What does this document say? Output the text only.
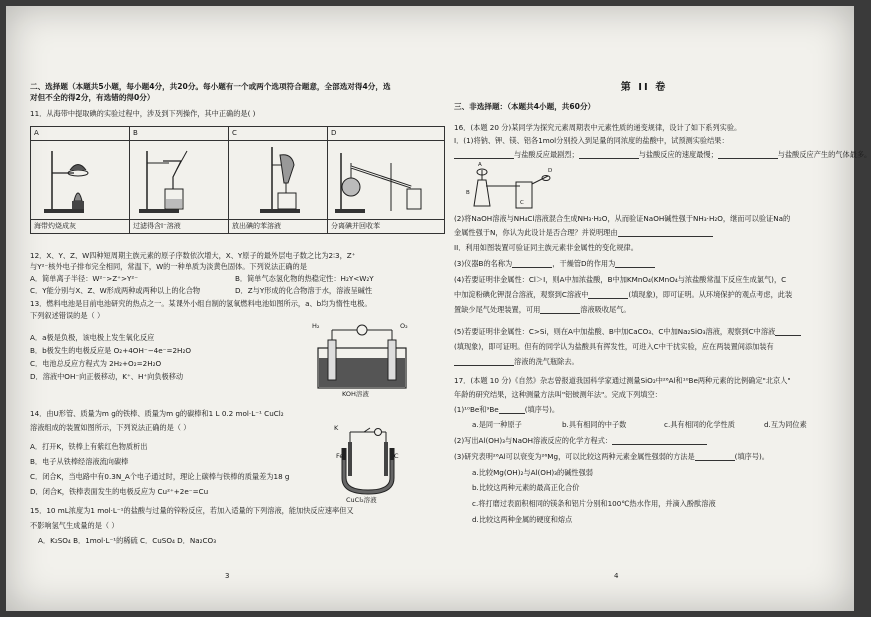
二、选择题（本题共5小题，每小题4分，共20分。每小题有一个或两个选项符合题意，全部选对得4分，选
对但不全的得2分，有选错的得0分）
11．从海带中提取碘的实验过程中，涉及到下列操作，其中正确的是( )
A	B	C	D

海带灼烧成灰	过滤得含I⁻溶液	放出碘的苯溶液	分离碘并回收苯
12．X、Y、Z、W四种短周期主族元素的原子序数依次增大，X、Y原子的最外层电子数之比为2∶3，Z⁺
与Y²⁻核外电子排布完全相同，常温下，W的一种单质为淡黄色固体。下列说法正确的是
A．简单离子半径：W²⁻>Z⁺>Y²⁻	B．简单气态氢化物的热稳定性：H₂Y<W₂Y
C．Y能分别与X、Z、W形成两种或两种以上的化合物	D．Z与Y形成的化合物溶于水，溶液呈碱性
13．燃料电池是目前电池研究的热点之一。某课外小组自制的氢氧燃料电池如图所示，a、b均为惰性电极。
下列叙述错误的是（ ）
A．a极是负极，该电极上发生氧化反应
B．b极发生的电极反应是 O₂+4OH⁻−4e⁻=2H₂O
C．电池总反应方程式为 2H₂+O₂=2H₂O
D．溶液中OH⁻向正极移动，K⁺、H⁺向负极移动
H₂	O₂
KOH溶液
14．由U形管、质量为m g的铁棒、质量为m g的碳棒和1 L 0.2 mol·L⁻¹ CuCl₂
溶液组成的装置如图所示，下列说法正确的是（ ）
A．打开K，铁棒上有紫红色物质析出
B．电子从铁棒经溶液流向碳棒
C．闭合K，当电路中有0.3N_A个电子通过时，理论上碳棒与铁棒的质量差为18 g
D．闭合K，铁棒表面发生的电极反应为 Cu²⁺+2e⁻=Cu
K
Fe	C
CuCl₂溶液
15．10 mL浓度为1 mol·L⁻¹的盐酸与过量的锌粉反应，若加入适量的下列溶液，能加快反应速率但又
不影响氢气生成量的是（ ）
A．K₂SO₄ B．1mol·L⁻¹的稀硫 C．CuSO₄ D．Na₂CO₃
3
第 II 卷
三、非选择题：（本题共4小题，共60分）
16．(本题 20 分)某同学为探究元素周期表中元素性质的递变规律，设计了如下系列实验。
I．(1)将钠、钾、镁、铝各1mol分别投入到足量的同浓度的盐酸中，试预测实验结果：
与盐酸反应最剧烈；	与盐酸反应的速度最慢；	与盐酸反应产生的气体最多。
A
B
C
D
(2)将NaOH溶液与NH₄Cl溶液混合生成NH₃·H₂O，从而验证NaOH碱性强于NH₃·H₂O，继而可以验证Na的
金属性强于N，你认为此设计是否合理？并说明理由
II．利用如图装置可验证同主族元素非金属性的变化规律。
(3)仪器B的名称为	，干燥管D的作用为
(4)若要证明非金属性：Cl＞I，则A中加浓盐酸，B中加KMnO₄(KMnO₄与浓盐酸常温下反应生成氯气)，C
中加淀粉碘化钾混合溶液，观察到C溶液中	(填现象)，即可证明。从环境保护的观点考虑，此装
置缺少尾气处理装置，可用	溶液吸收尾气。
(5)若要证明非金属性：C>Si，则在A中加盐酸、B中加CaCO₃、C中加Na₂SiO₃溶液，观察到C中溶液
(填现象)，即可证明。但有的同学认为盐酸具有挥发性，可进入C中干扰实验，应在两装置间添加装有
溶液的洗气瓶除去。
17．(本题 10 分)《自然》杂志曾报道我国科学家通过测量SiO₂中²⁶Al和¹⁰Be两种元素的比例确定"北京人"
年龄的研究结果，这种测量方法叫"铝铍测年法"。完成下列填空：
(1)¹⁰Be和⁹Be	(填序号)。
a.是同一种原子	b.具有相同的中子数	c.具有相同的化学性质	d.互为同位素
(2)写出Al(OH)₃与NaOH溶液反应的化学方程式：
(3)研究表明²⁶Al可以衰变为²⁶Mg，可以比较这两种元素金属性强弱的方法是	(填序号)。
a.比较Mg(OH)₂与Al(OH)₃的碱性强弱
b.比较这两种元素的最高正化合价
c.将打磨过表面积相同的镁条和铝片分别和100℃热水作用，并滴入酚酞溶液
d.比较这两种金属的硬度和熔点
4
